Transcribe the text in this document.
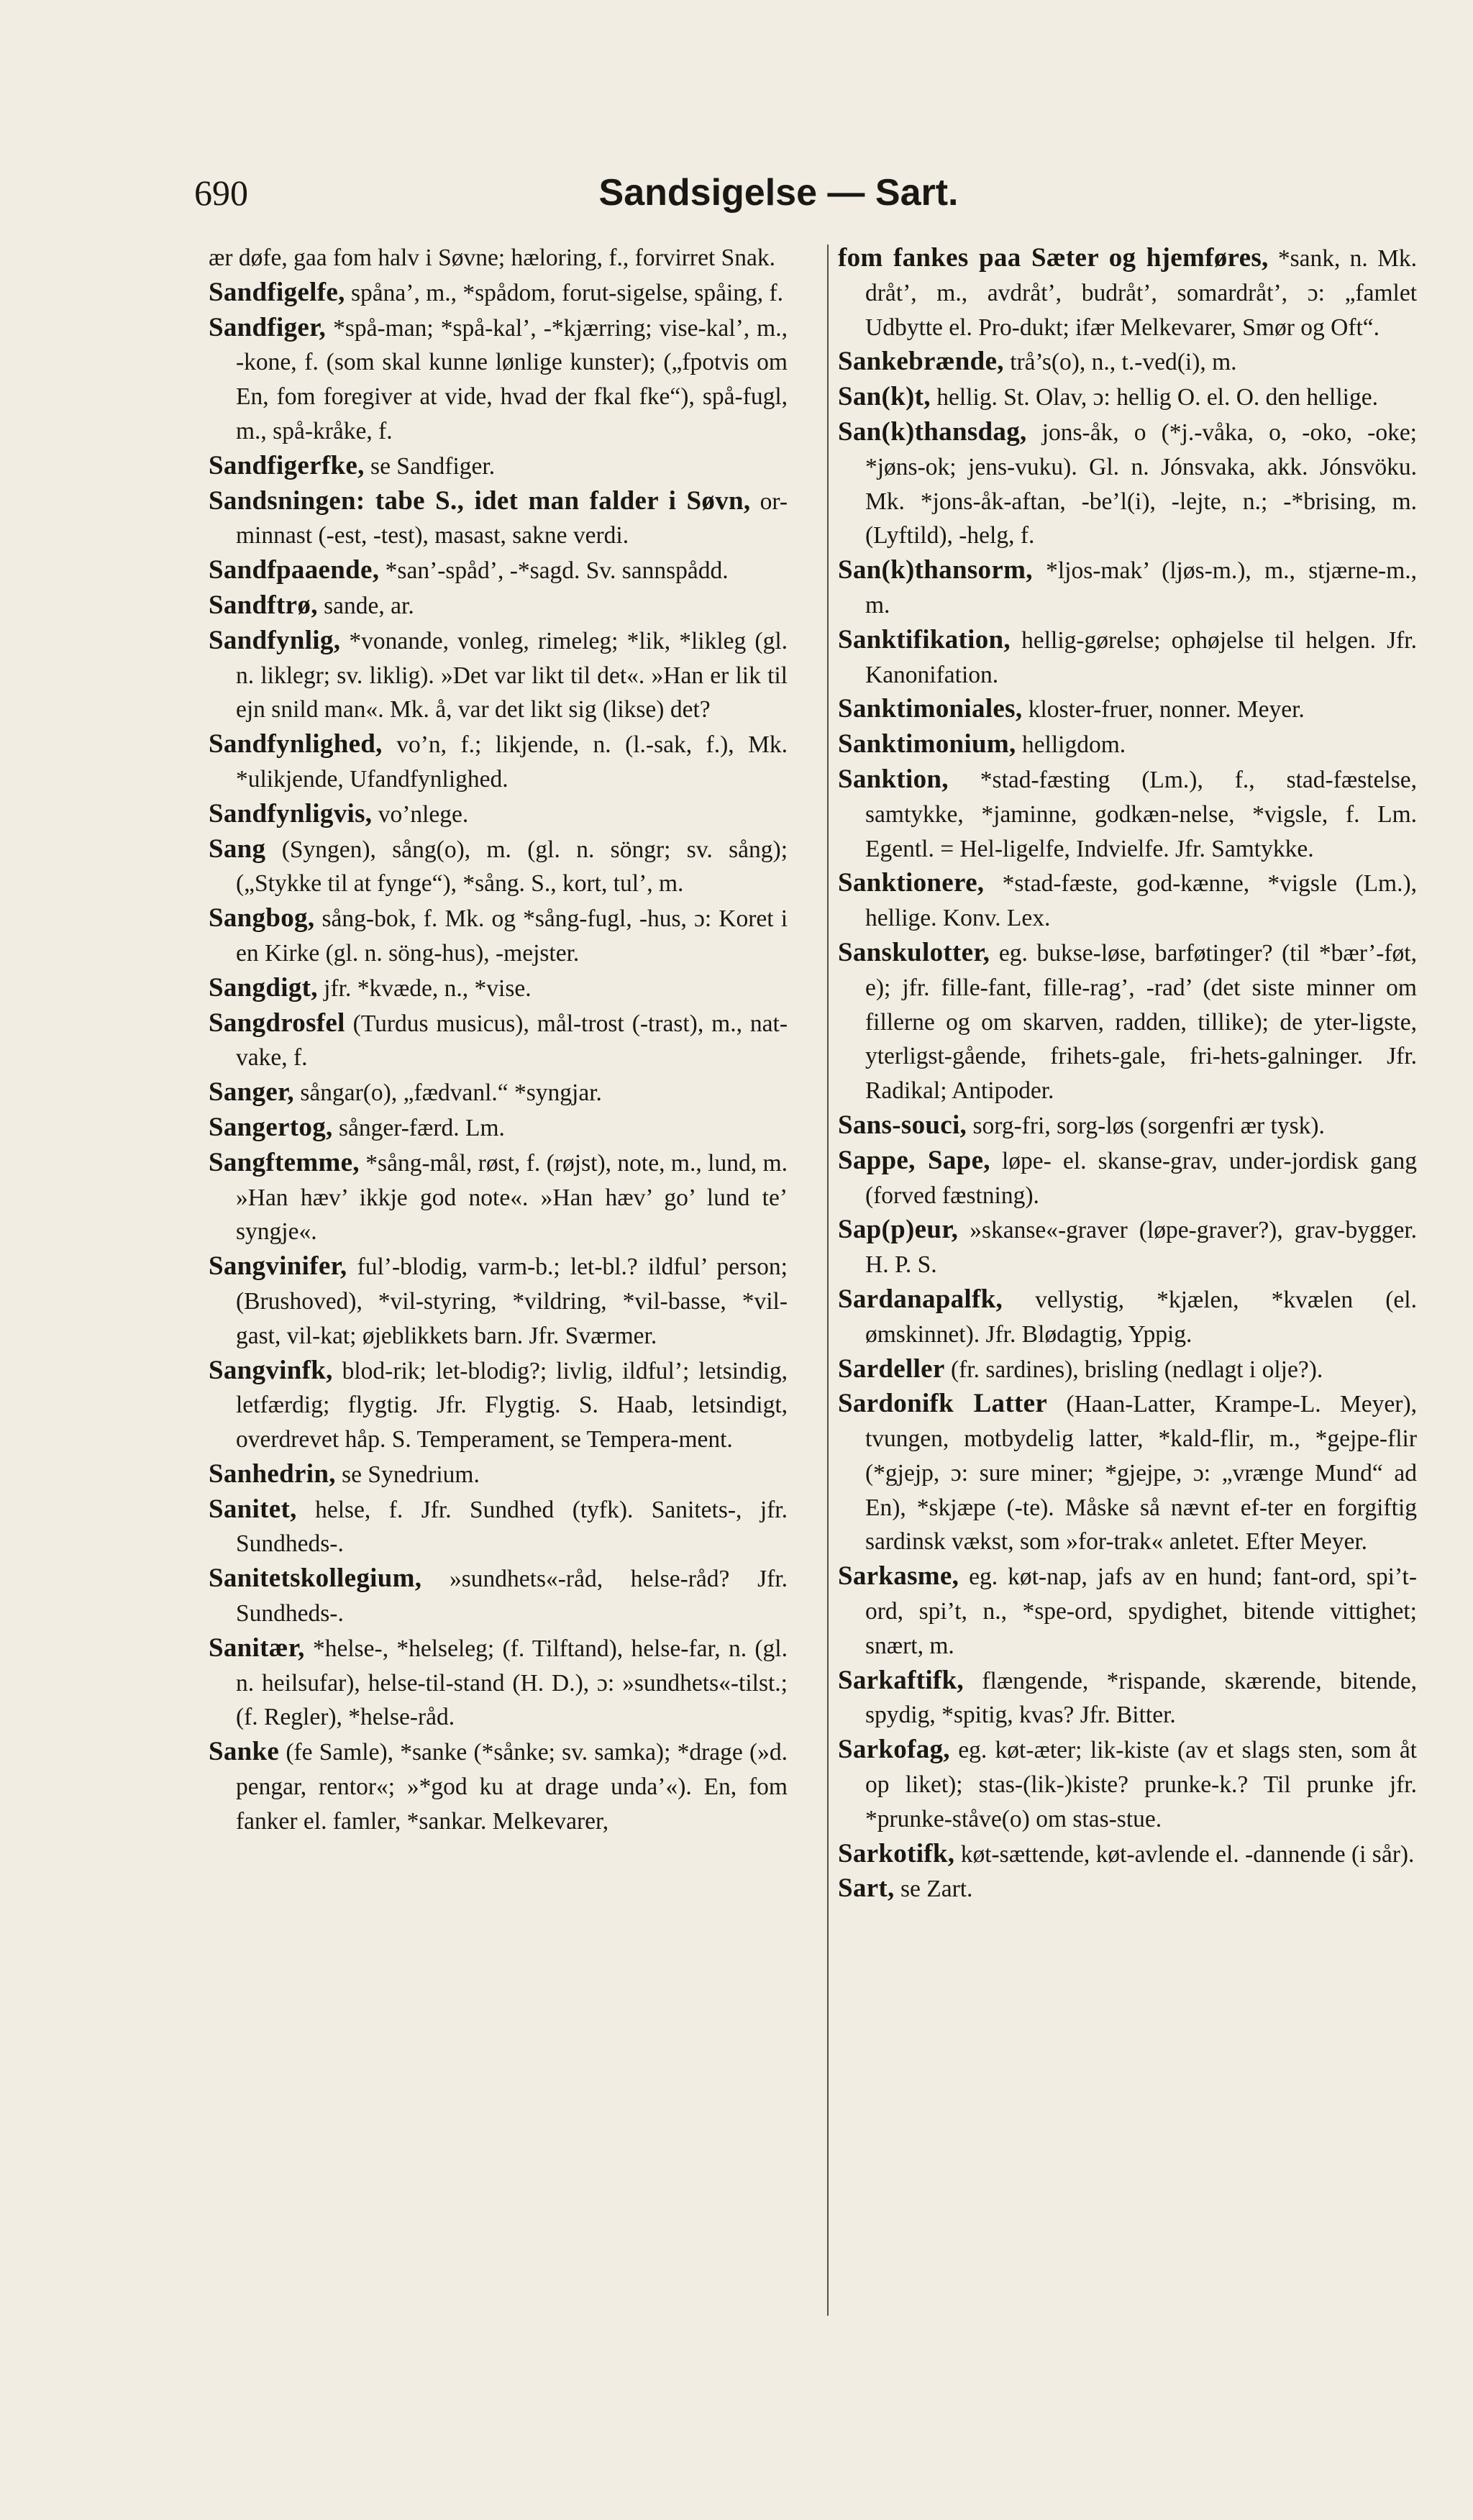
690	Sandsigelse — Sart.

ær døfe, gaa fom halv i Søvne; hæloring, f., forvirret Snak.

Sandfigelfe, spåna’, m., *spådom, forut-sigelse, spåing, f.

Sandfiger, *spå-man; *spå-kal’, -*kjærring; vise-kal’, m., -kone, f. (som skal kunne lønlige kunster); („fpotvis om En, fom foregiver at vide, hvad der fkal fke“), spå-fugl, m., spå-kråke, f.

Sandfigerfke, se Sandfiger.

Sandsningen: tabe S., idet man falder i Søvn, or-minnast (-est, -test), masast, sakne verdi.

Sandfpaaende, *san’-spåd’, -*sagd. Sv. sannspådd.

Sandftrø, sande, ar.

Sandfynlig, *vonande, vonleg, rimeleg; *lik, *likleg (gl. n. liklegr; sv. liklig). »Det var likt til det«. »Han er lik til ejn snild man«. Mk. å, var det likt sig (likse) det?

Sandfynlighed, vo’n, f.; likjende, n. (l.-sak, f.), Mk. *ulikjende, Ufandfynlighed.

Sandfynligvis, vo’nlege.

Sang (Syngen), sång(o), m. (gl. n. söngr; sv. sång); („Stykke til at fynge“), *sång. S., kort, tul’, m.

Sangbog, sång-bok, f. Mk. og *sång-fugl, -hus, ɔ: Koret i en Kirke (gl. n. söng-hus), -mejster.

Sangdigt, jfr. *kvæde, n., *vise.

Sangdrosfel (Turdus musicus), mål-trost (-trast), m., nat-vake, f.

Sanger, sångar(o), „fædvanl.“ *syngjar.

Sangertog, sånger-færd. Lm.

Sangftemme, *sång-mål, røst, f. (røjst), note, m., lund, m. »Han hæv’ ikkje god note«. »Han hæv’ go’ lund te’ syngje«.

Sangvinifer, ful’-blodig, varm-b.; let-bl.? ildful’ person; (Brushoved), *vil-styring, *vildring, *vil-basse, *vil-gast, vil-kat; øjeblikkets barn. Jfr. Sværmer.

Sangvinfk, blod-rik; let-blodig?; livlig, ildful’; letsindig, letfærdig; flygtig. Jfr. Flygtig. S. Haab, letsindigt, overdrevet håp. S. Temperament, se Tempera-ment.

Sanhedrin, se Synedrium.

Sanitet, helse, f. Jfr. Sundhed (tyfk). Sanitets-, jfr. Sundheds-.

Sanitetskollegium, »sundhets«-råd, helse-råd? Jfr. Sundheds-.

Sanitær, *helse-, *helseleg; (f. Tilftand), helse-far, n. (gl. n. heilsufar), helse-til-stand (H. D.), ɔ: »sundhets«-tilst.; (f. Regler), *helse-råd.

Sanke (fe Samle), *sanke (*sånke; sv. samka); *drage (»d. pengar, rentor«; »*god ku at drage unda’«). En, fom fanker el. famler, *sankar. Melkevarer,

fom fankes paa Sæter og hjemføres, *sank, n. Mk. dråt’, m., avdråt’, budråt’, somardråt’, ɔ: „famlet Udbytte el. Pro-dukt; ifær Melkevarer, Smør og Oft“.

Sankebrænde, trå’s(o), n., t.-ved(i), m.

San(k)t, hellig. St. Olav, ɔ: hellig O. el. O. den hellige.

San(k)thansdag, jons-åk, o (*j.-våka, o, -oko, -oke; *jøns-ok; jens-vuku). Gl. n. Jónsvaka, akk. Jónsvöku. Mk. *jons-åk-aftan, -be’l(i), -lejte, n.; -*brising, m. (Lyftild), -helg, f.

San(k)thansorm, *ljos-mak’ (ljøs-m.), m., stjærne-m., m.

Sanktifikation, hellig-gørelse; ophøjelse til helgen. Jfr. Kanonifation.

Sanktimoniales, kloster-fruer, nonner. Meyer.

Sanktimonium, helligdom.

Sanktion, *stad-fæsting (Lm.), f., stad-fæstelse, samtykke, *jaminne, godkæn-nelse, *vigsle, f. Lm. Egentl. = Hel-ligelfe, Indvielfe. Jfr. Samtykke.

Sanktionere, *stad-fæste, god-kænne, *vigsle (Lm.), hellige. Konv. Lex.

Sanskulotter, eg. bukse-løse, barføtinger? (til *bær’-føt, e); jfr. fille-fant, fille-rag’, -rad’ (det siste minner om fillerne og om skarven, radden, tillike); de yter-ligste, yterligst-gående, frihets-gale, fri-hets-galninger. Jfr. Radikal; Antipoder.

Sans-souci, sorg-fri, sorg-løs (sorgenfri ær tysk).

Sappe, Sape, løpe- el. skanse-grav, under-jordisk gang (forved fæstning).

Sap(p)eur, »skanse«-graver (løpe-graver?), grav-bygger. H. P. S.

Sardanapalfk, vellystig, *kjælen, *kvælen (el. ømskinnet). Jfr. Blødagtig, Yppig.

Sardeller (fr. sardines), brisling (nedlagt i olje?).

Sardonifk Latter (Haan-Latter, Krampe-L. Meyer), tvungen, motbydelig latter, *kald-flir, m., *gejpe-flir (*gjejp, ɔ: sure miner; *gjejpe, ɔ: „vrænge Mund“ ad En), *skjæpe (-te). Måske så nævnt ef-ter en forgiftig sardinsk vækst, som »for-trak« anletet. Efter Meyer.

Sarkasme, eg. køt-nap, jafs av en hund; fant-ord, spi’t-ord, spi’t, n., *spe-ord, spydighet, bitende vittighet; snært, m.

Sarkaftifk, flængende, *rispande, skærende, bitende, spydig, *spitig, kvas? Jfr. Bitter.

Sarkofag, eg. køt-æter; lik-kiste (av et slags sten, som åt op liket); stas-(lik-)kiste? prunke-k.? Til prunke jfr. *prunke-ståve(o) om stas-stue.

Sarkotifk, køt-sættende, køt-avlende el. -dannende (i sår).

Sart, se Zart.
